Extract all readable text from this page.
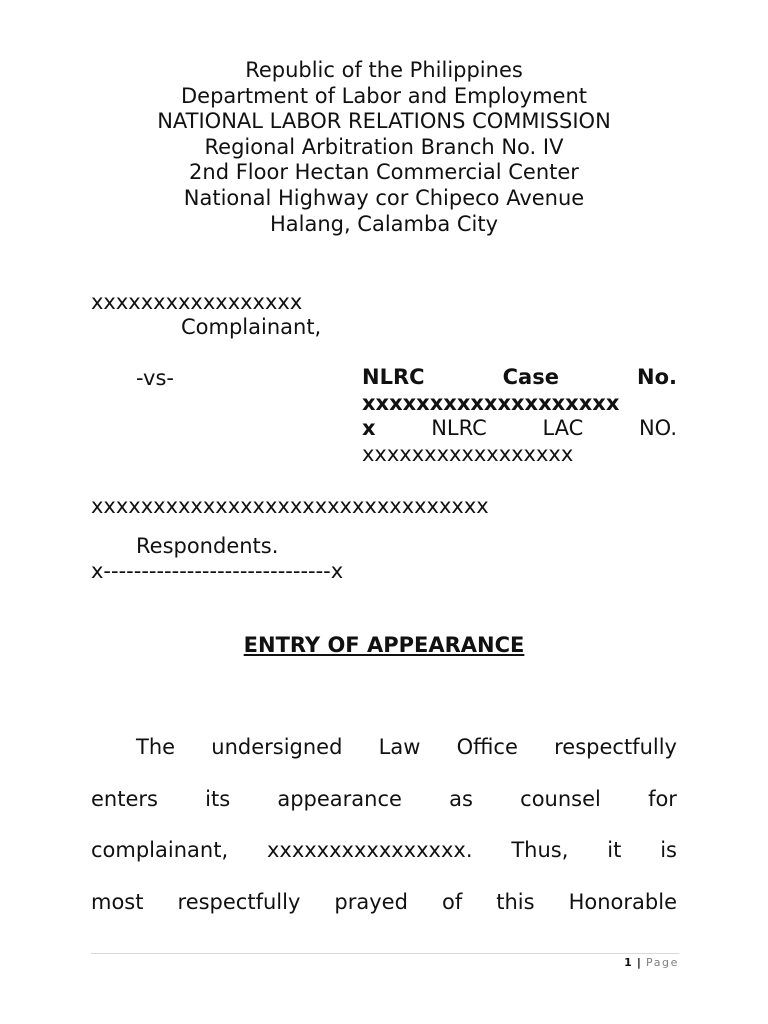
Republic of the Philippines
Department of Labor and Employment
NATIONAL LABOR RELATIONS COMMISSION
Regional Arbitration Branch No. IV
2nd Floor Hectan Commercial Center
National Highway cor Chipeco Avenue
Halang, Calamba City
xxxxxxxxxxxxxxxxx
Complainant,
-vs-	NLRC	Case	No.
xxxxxxxxxxxxxxxxxxx
x	NLRC	LAC	NO.
xxxxxxxxxxxxxxxxx
xxxxxxxxxxxxxxxxxxxxxxxxxxxxxxxx
Respondents.
x------------------------------x
ENTRY OF APPEARANCE
The undersigned Law Office respectfully
enters its appearance as counsel for
complainant, xxxxxxxxxxxxxxxx. Thus, it is
most respectfully prayed of this Honorable
1 | Page
